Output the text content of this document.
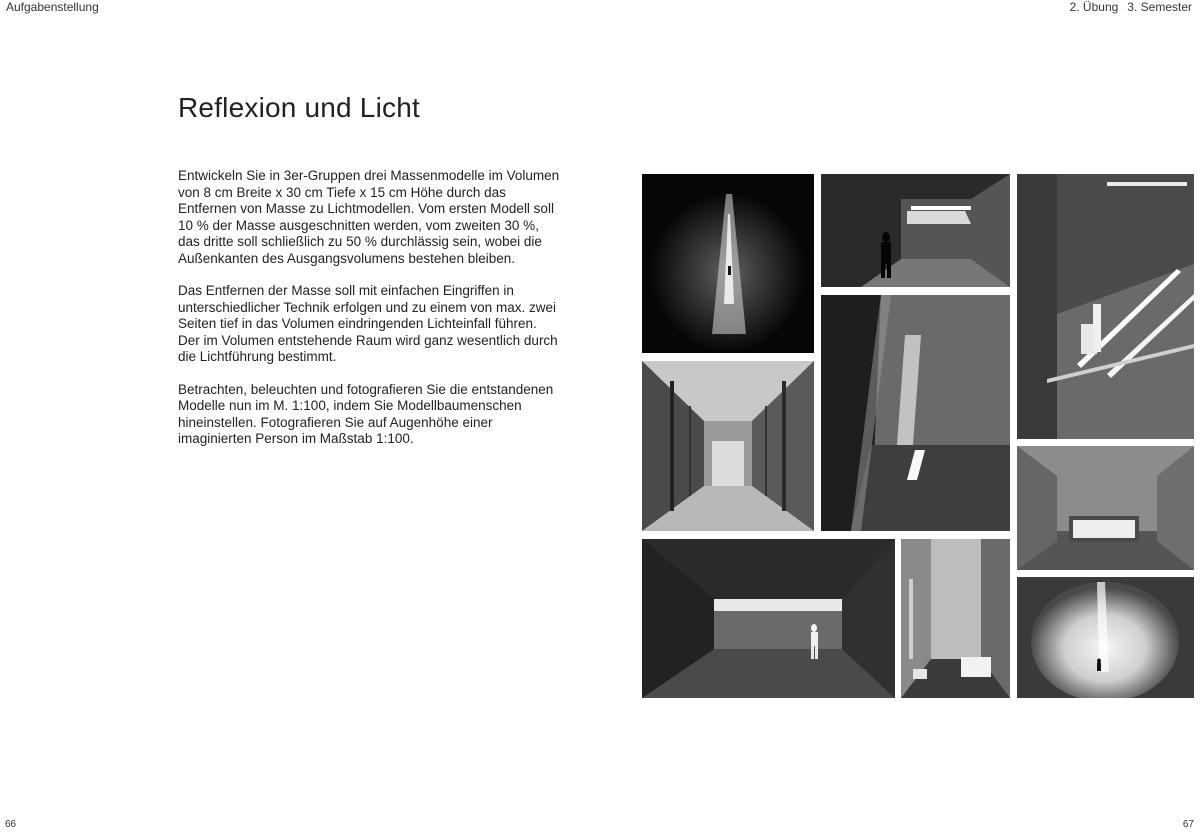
Aufgabenstellung	2. Übung 3. Semester
Reflexion und Licht

Entwickeln Sie in 3er-Gruppen drei Massenmodelle im Volumen von 8 cm Breite x 30 cm Tiefe x 15 cm Höhe durch das Entfernen von Masse zu Lichtmodellen. Vom ersten Modell soll 10 % der Masse ausgeschnitten werden, vom zweiten 30 %, das dritte soll schließlich zu 50 % durchlässig sein, wobei die Außenkanten des Ausgangsvolumens bestehen bleiben.

Das Entfernen der Masse soll mit einfachen Eingriffen in unterschiedlicher Technik erfolgen und zu einem von max. zwei Seiten tief in das Volumen eindringenden Lichteinfall führen. Der im Volumen entstehende Raum wird ganz wesentlich durch die Lichtführung bestimmt.

Betrachten, beleuchten und fotografieren Sie die entstandenen Modelle nun im M. 1:100, indem Sie Modellbaumenschen hineinstellen. Fotografieren Sie auf Augenhöhe einer imaginierten Person im Maßstab 1:100.

66	67
